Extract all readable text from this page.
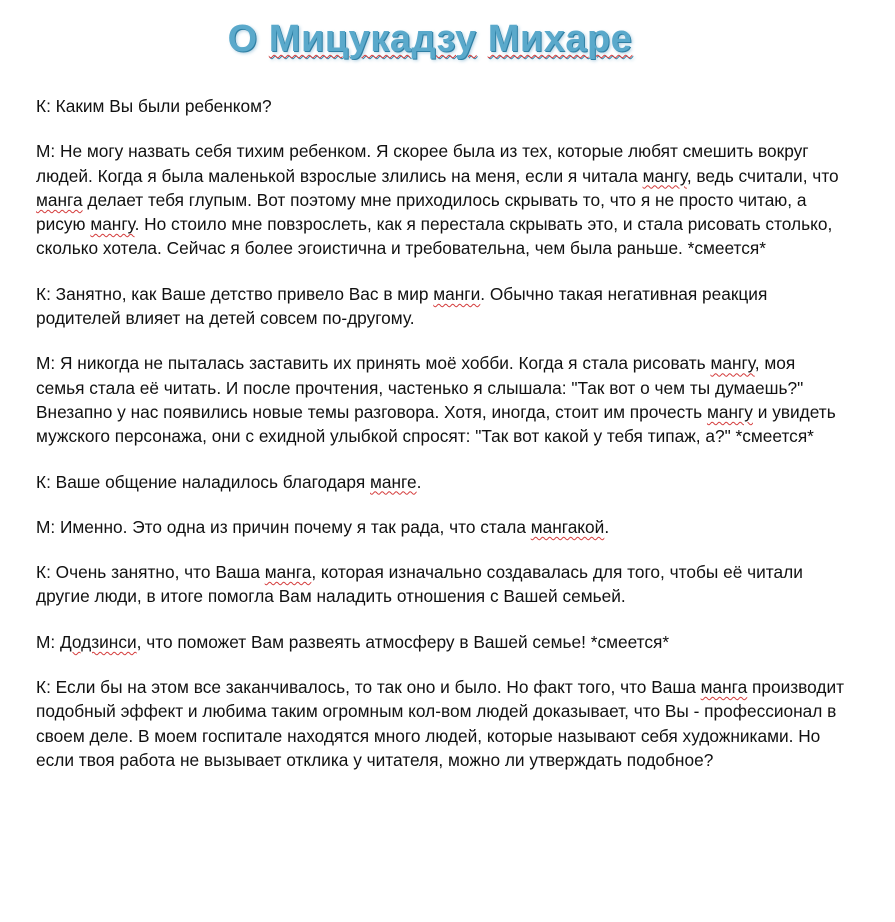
О Мицукадзу Михаре

К: Каким Вы были ребенком?

М: Не могу назвать себя тихим ребенком. Я скорее была из тех, которые любят смешить вокруг людей. Когда я была маленькой взрослые злились на меня, если я читала мангу, ведь считали, что манга делает тебя глупым. Вот поэтому мне приходилось скрывать то, что я не просто читаю, а рисую мангу. Но стоило мне повзрослеть, как я перестала скрывать это, и стала рисовать столько, сколько хотела. Сейчас я более эгоистична и требовательна, чем была раньше. *смеется*

К: Занятно, как Ваше детство привело Вас в мир манги. Обычно такая негативная реакция родителей влияет на детей совсем по-другому.

М: Я никогда не пыталась заставить их принять моё хобби. Когда я стала рисовать мангу, моя семья стала её читать. И после прочтения, частенько я слышала: "Так вот о чем ты думаешь?" Внезапно у нас появились новые темы разговора. Хотя, иногда, стоит им прочесть мангу и увидеть мужского персонажа, они с ехидной улыбкой спросят: "Так вот какой у тебя типаж, а?" *смеется*

К: Ваше общение наладилось благодаря манге.

М: Именно. Это одна из причин почему я так рада, что стала мангакой.

К: Очень занятно, что Ваша манга, которая изначально создавалась для того, чтобы её читали другие люди, в итоге помогла Вам наладить отношения с Вашей семьей.

М: Додзинси, что поможет Вам развеять атмосферу в Вашей семье! *смеется*

К: Если бы на этом все заканчивалось, то так оно и было. Но факт того, что Ваша манга производит подобный эффект и любима таким огромным кол-вом людей доказывает, что Вы - профессионал в своем деле. В моем госпитале находятся много людей, которые называют себя художниками. Но если твоя работа не вызывает отклика у читателя, можно ли утверждать подобное?
